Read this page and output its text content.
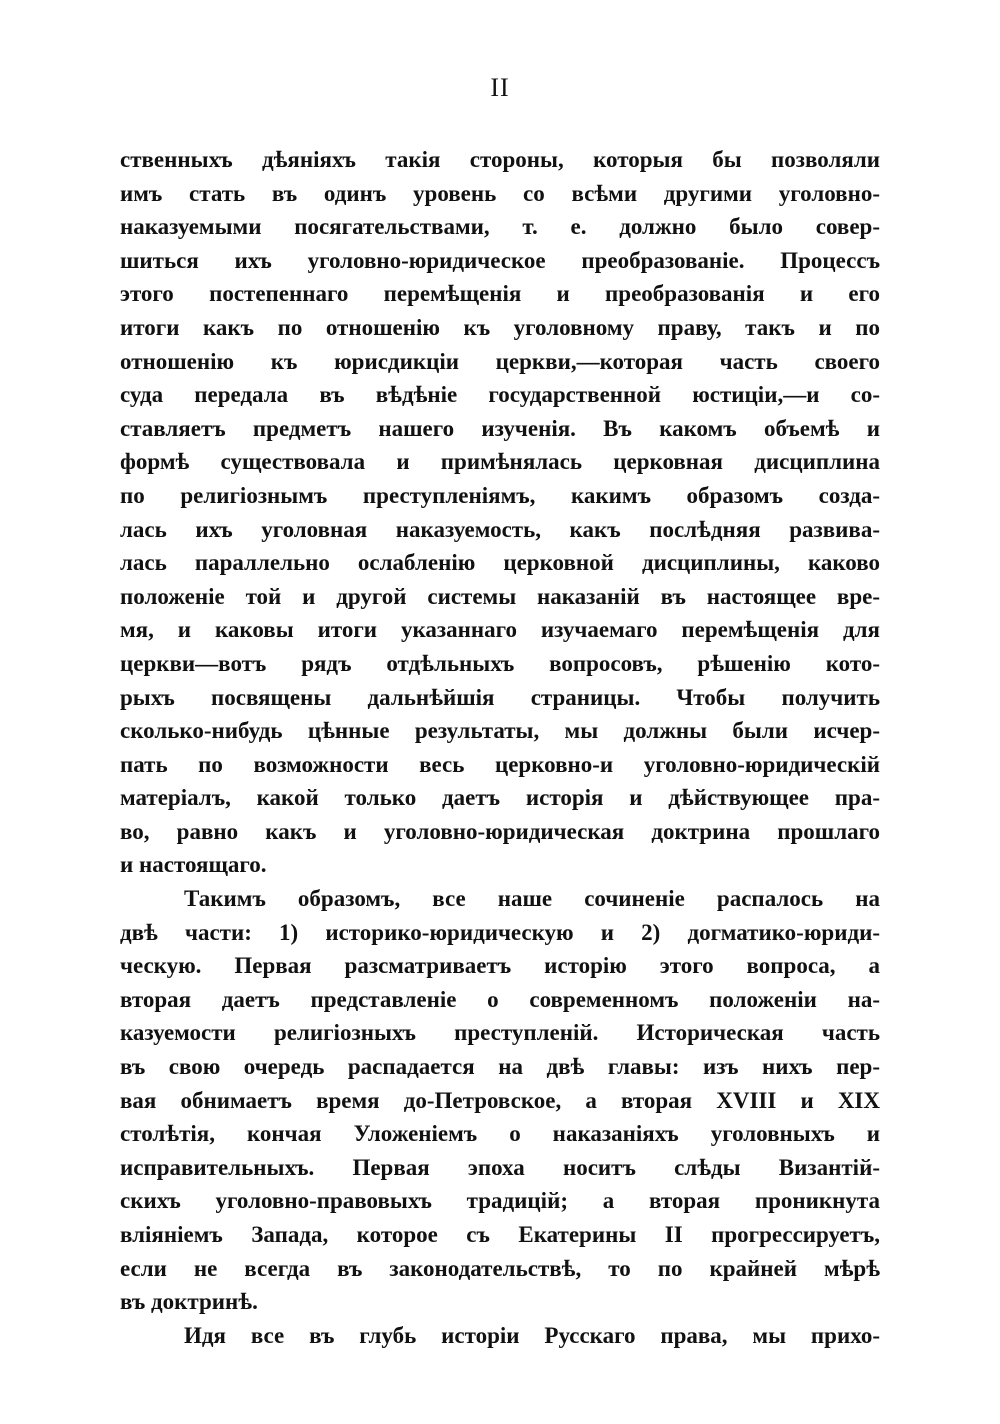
II
ственныхъ дѣяніяхъ такія стороны, которыя бы позволяли
имъ стать въ одинъ уровень со всѣми другими уголовно-
наказуемыми посягательствами, т. е. должно было совер-
шиться ихъ уголовно-юридическое преобразованіе. Процессъ
этого постепеннаго перемѣщенія и преобразованія и его
итоги какъ по отношенію къ уголовному праву, такъ и по
отношенію къ юрисдикціи церкви,—которая часть своего
суда передала въ вѣдѣніе государственной юстиціи,—и со-
ставляетъ предметъ нашего изученія. Въ какомъ объемѣ и
формѣ существовала и примѣнялась церковная дисциплина
по религіознымъ преступленіямъ, какимъ образомъ созда-
лась ихъ уголовная наказуемость, какъ послѣдняя развива-
лась параллельно ослабленію церковной дисциплины, каково
положеніе той и другой системы наказаній въ настоящее вре-
мя, и каковы итоги указаннаго изучаемаго перемѣщенія для
церкви—вотъ рядъ отдѣльныхъ вопросовъ, рѣшенію кото-
рыхъ посвящены дальнѣйшія страницы. Чтобы получить
сколько-нибудь цѣнные результаты, мы должны были исчер-
пать по возможности весь церковно-и уголовно-юридическій
матеріалъ, какой только даетъ исторія и дѣйствующее пра-
во, равно какъ и уголовно-юридическая доктрина прошлаго
и настоящаго.
Такимъ образомъ, все наше сочиненіе распалось на
двѣ части: 1) историко-юридическую и 2) догматико-юриди-
ческую. Первая разсматриваетъ исторію этого вопроса, а
вторая даетъ представленіе о современномъ положеніи на-
казуемости религіозныхъ преступленій. Историческая часть
въ свою очередь распадается на двѣ главы: изъ нихъ пер-
вая обнимаетъ время до-Петровское, а вторая XVIII и XIX
столѣтія, кончая Уложеніемъ о наказаніяхъ уголовныхъ и
исправительныхъ. Первая эпоха носитъ слѣды Византій-
скихъ уголовно-правовыхъ традицій; а вторая проникнута
вліяніемъ Запада, которое съ Екатерины II прогрессируетъ,
если не всегда въ законодательствѣ, то по крайней мѣрѣ
въ доктринѣ.
Идя все въ глубь исторіи Русскаго права, мы прихо-
